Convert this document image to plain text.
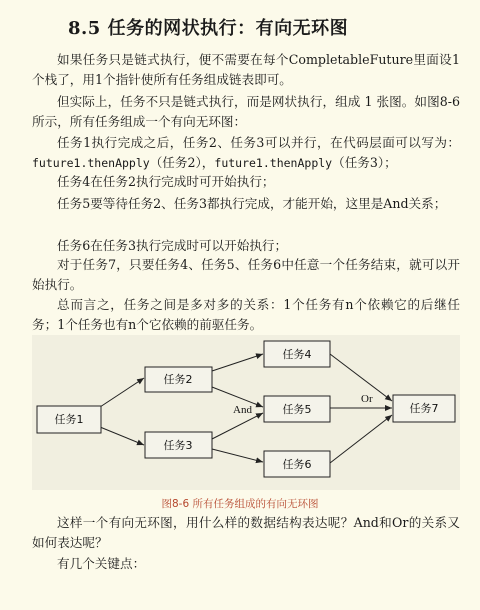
8.5 任务的网状执行：有向无环图
如果任务只是链式执行，便不需要在每个CompletableFuture里面设1个栈了，用1个指针使所有任务组成链表即可。
但实际上，任务不只是链式执行，而是网状执行，组成 1 张图。如图8-6所示，所有任务组成一个有向无环图：
任务1执行完成之后，任务2、任务3可以并行，在代码层面可以写为：future1.thenApply（任务2），future1.thenApply（任务3）；
任务4在任务2执行完成时可开始执行；
任务5要等待任务2、任务3都执行完成，才能开始，这里是And关系；
任务6在任务3执行完成时可以开始执行；
对于任务7，只要任务4、任务5、任务6中任意一个任务结束，就可以开始执行。
总而言之，任务之间是多对多的关系：1个任务有n个依赖它的后继任务；1个任务也有n个它依赖的前驱任务。
任务1
任务2
任务3
任务4
任务5
任务6
任务7
And
Or
图8-6 所有任务组成的有向无环图
这样一个有向无环图，用什么样的数据结构表达呢？And和Or的关系又如何表达呢？
有几个关键点：
